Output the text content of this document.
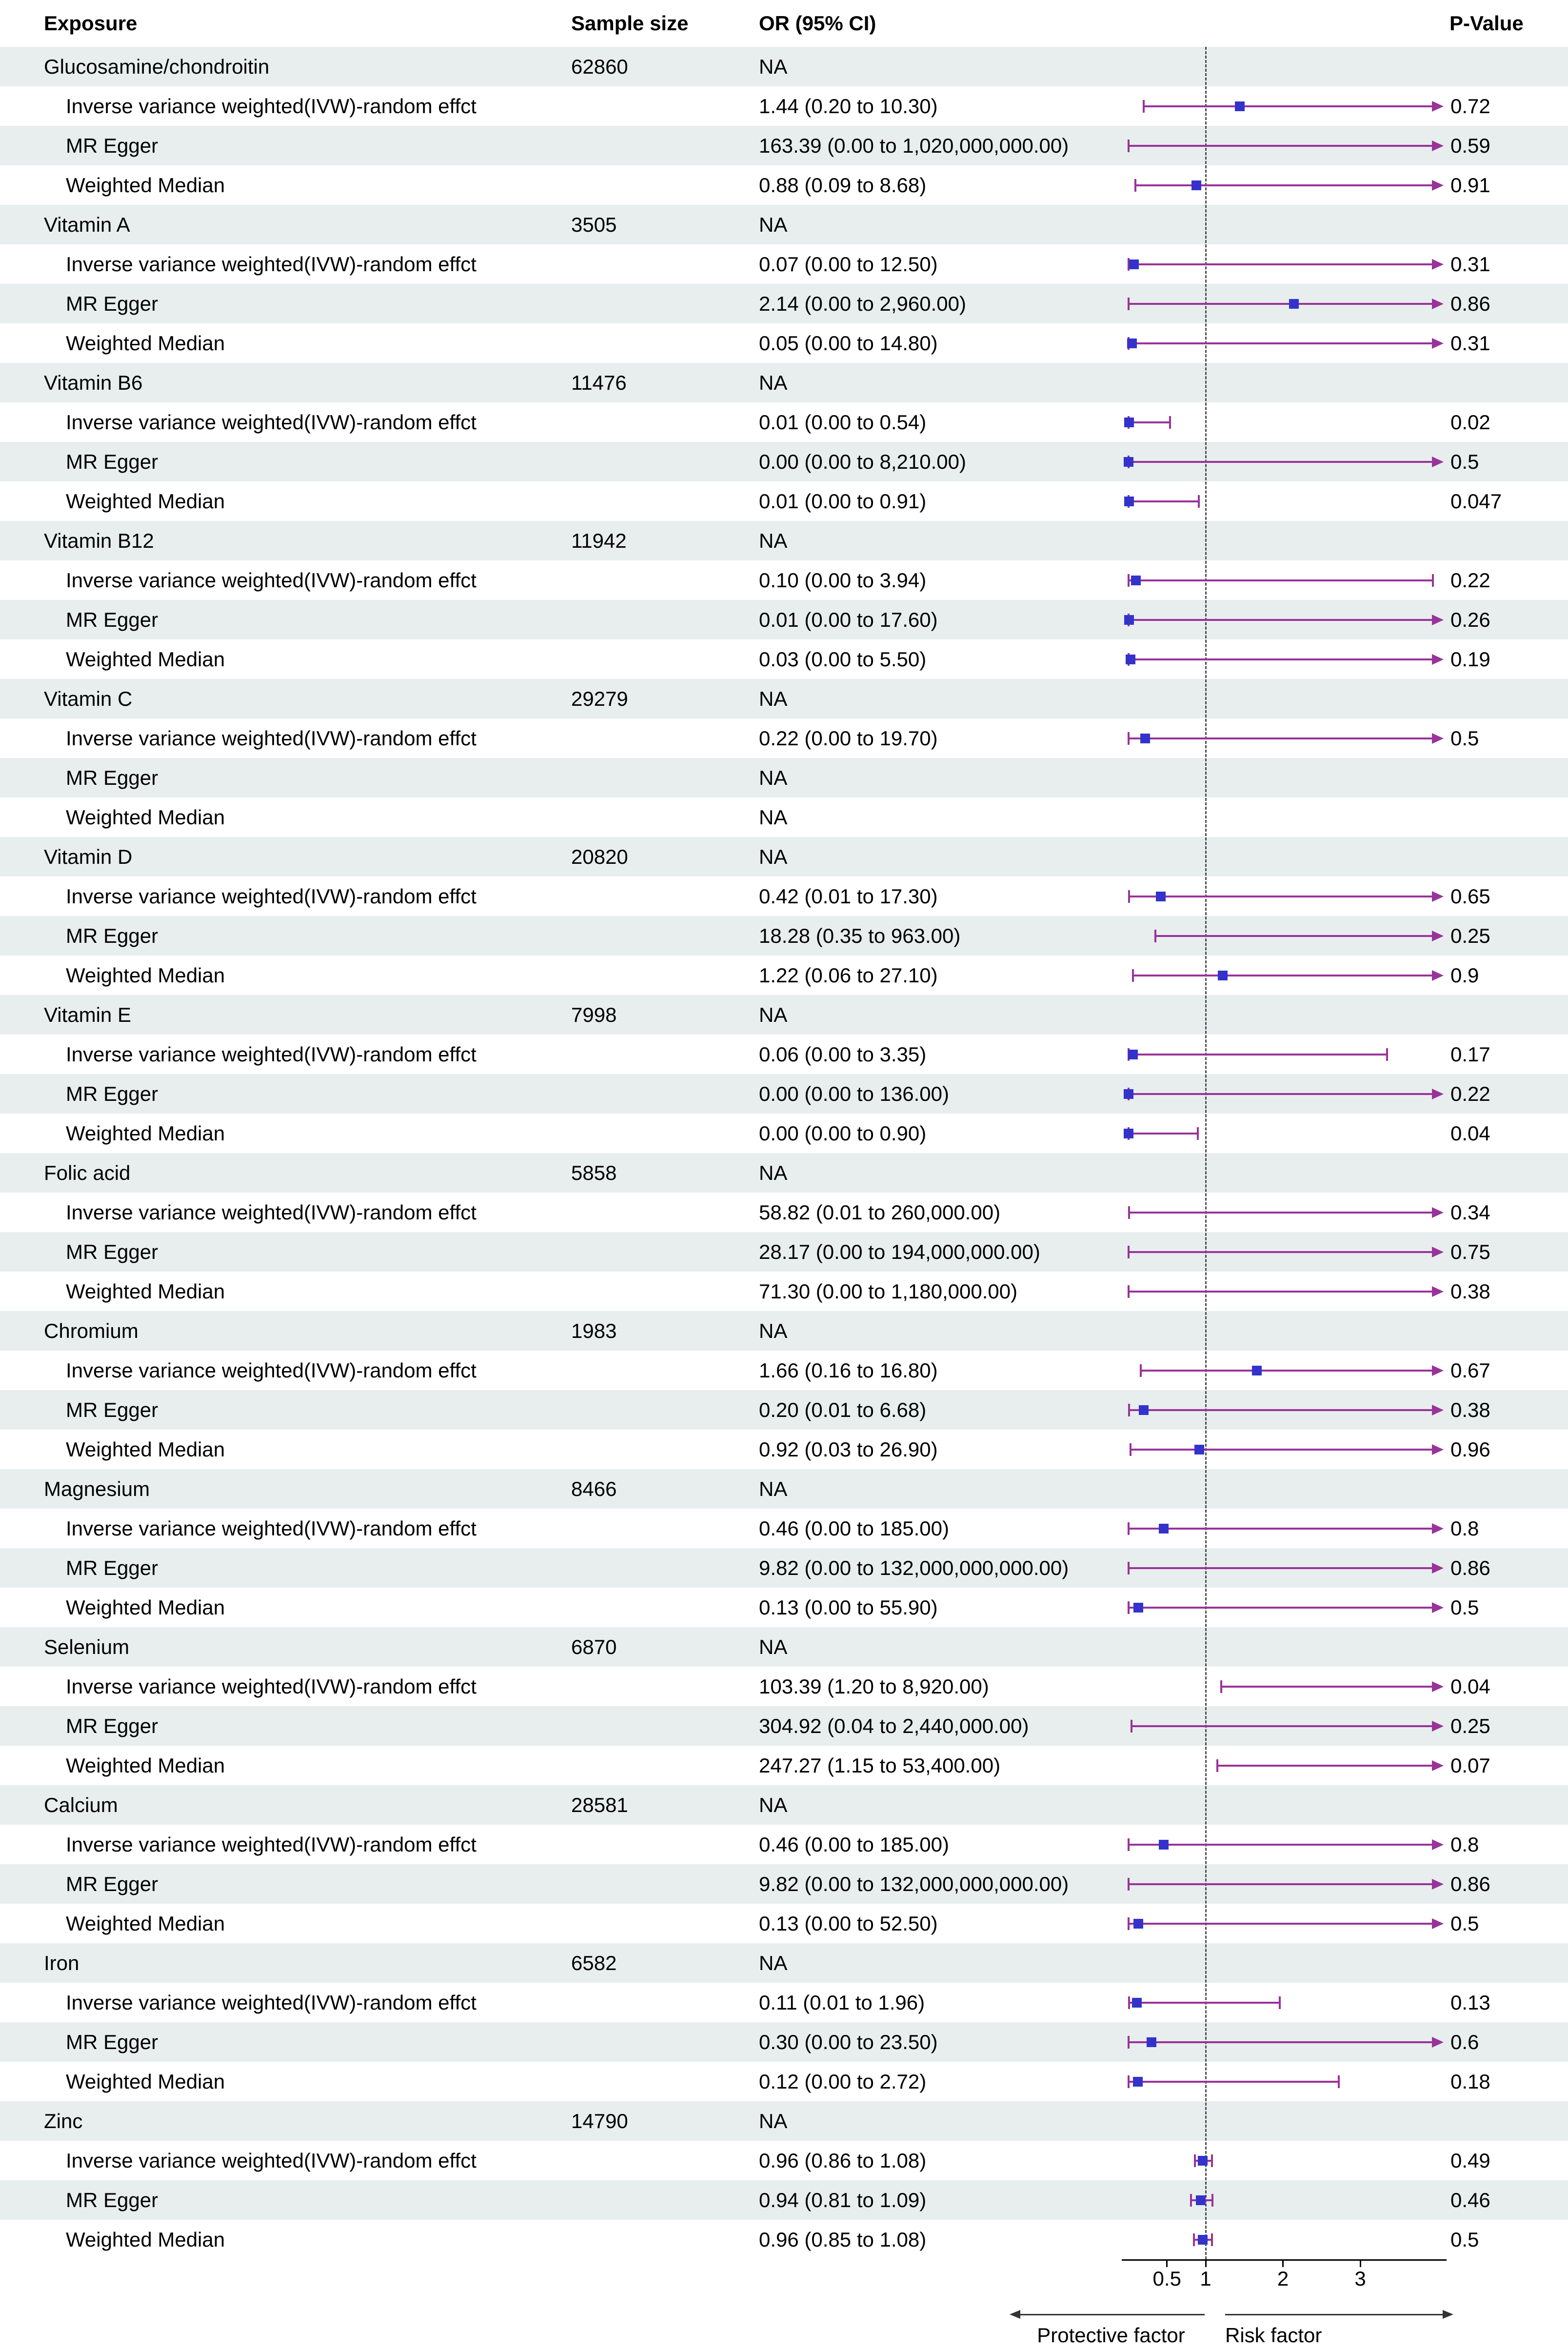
Exposure	Sample size	OR (95% CI)	P-Value
Glucosamine/chondroitin	62860	NA
Inverse variance weighted(IVW)-random effct	1.44 (0.20 to 10.30)	0.72
MR Egger	163.39 (0.00 to 1,020,000,000.00)	0.59
Weighted Median	0.88 (0.09 to 8.68)	0.91
Vitamin A	3505	NA
Inverse variance weighted(IVW)-random effct	0.07 (0.00 to 12.50)	0.31
MR Egger	2.14 (0.00 to 2,960.00)	0.86
Weighted Median	0.05 (0.00 to 14.80)	0.31
Vitamin B6	11476	NA
Inverse variance weighted(IVW)-random effct	0.01 (0.00 to 0.54)	0.02
MR Egger	0.00 (0.00 to 8,210.00)	0.5
Weighted Median	0.01 (0.00 to 0.91)	0.047
Vitamin B12	11942	NA
Inverse variance weighted(IVW)-random effct	0.10 (0.00 to 3.94)	0.22
MR Egger	0.01 (0.00 to 17.60)	0.26
Weighted Median	0.03 (0.00 to 5.50)	0.19
Vitamin C	29279	NA
Inverse variance weighted(IVW)-random effct	0.22 (0.00 to 19.70)	0.5
MR Egger	NA
Weighted Median	NA
Vitamin D	20820	NA
Inverse variance weighted(IVW)-random effct	0.42 (0.01 to 17.30)	0.65
MR Egger	18.28 (0.35 to 963.00)	0.25
Weighted Median	1.22 (0.06 to 27.10)	0.9
Vitamin E	7998	NA
Inverse variance weighted(IVW)-random effct	0.06 (0.00 to 3.35)	0.17
MR Egger	0.00 (0.00 to 136.00)	0.22
Weighted Median	0.00 (0.00 to 0.90)	0.04
Folic acid	5858	NA
Inverse variance weighted(IVW)-random effct	58.82 (0.01 to 260,000.00)	0.34
MR Egger	28.17 (0.00 to 194,000,000.00)	0.75
Weighted Median	71.30 (0.00 to 1,180,000.00)	0.38
Chromium	1983	NA
Inverse variance weighted(IVW)-random effct	1.66 (0.16 to 16.80)	0.67
MR Egger	0.20 (0.01 to 6.68)	0.38
Weighted Median	0.92 (0.03 to 26.90)	0.96
Magnesium	8466	NA
Inverse variance weighted(IVW)-random effct	0.46 (0.00 to 185.00)	0.8
MR Egger	9.82 (0.00 to 132,000,000,000.00)	0.86
Weighted Median	0.13 (0.00 to 55.90)	0.5
Selenium	6870	NA
Inverse variance weighted(IVW)-random effct	103.39 (1.20 to 8,920.00)	0.04
MR Egger	304.92 (0.04 to 2,440,000.00)	0.25
Weighted Median	247.27 (1.15 to 53,400.00)	0.07
Calcium	28581	NA
Inverse variance weighted(IVW)-random effct	0.46 (0.00 to 185.00)	0.8
MR Egger	9.82 (0.00 to 132,000,000,000.00)	0.86
Weighted Median	0.13 (0.00 to 52.50)	0.5
Iron	6582	NA
Inverse variance weighted(IVW)-random effct	0.11 (0.01 to 1.96)	0.13
MR Egger	0.30 (0.00 to 23.50)	0.6
Weighted Median	0.12 (0.00 to 2.72)	0.18
Zinc	14790	NA
Inverse variance weighted(IVW)-random effct	0.96 (0.86 to 1.08)	0.49
MR Egger	0.94 (0.81 to 1.09)	0.46
Weighted Median	0.96 (0.85 to 1.08)	0.5
Protective factor	Risk factor
0.5 1	2	3
